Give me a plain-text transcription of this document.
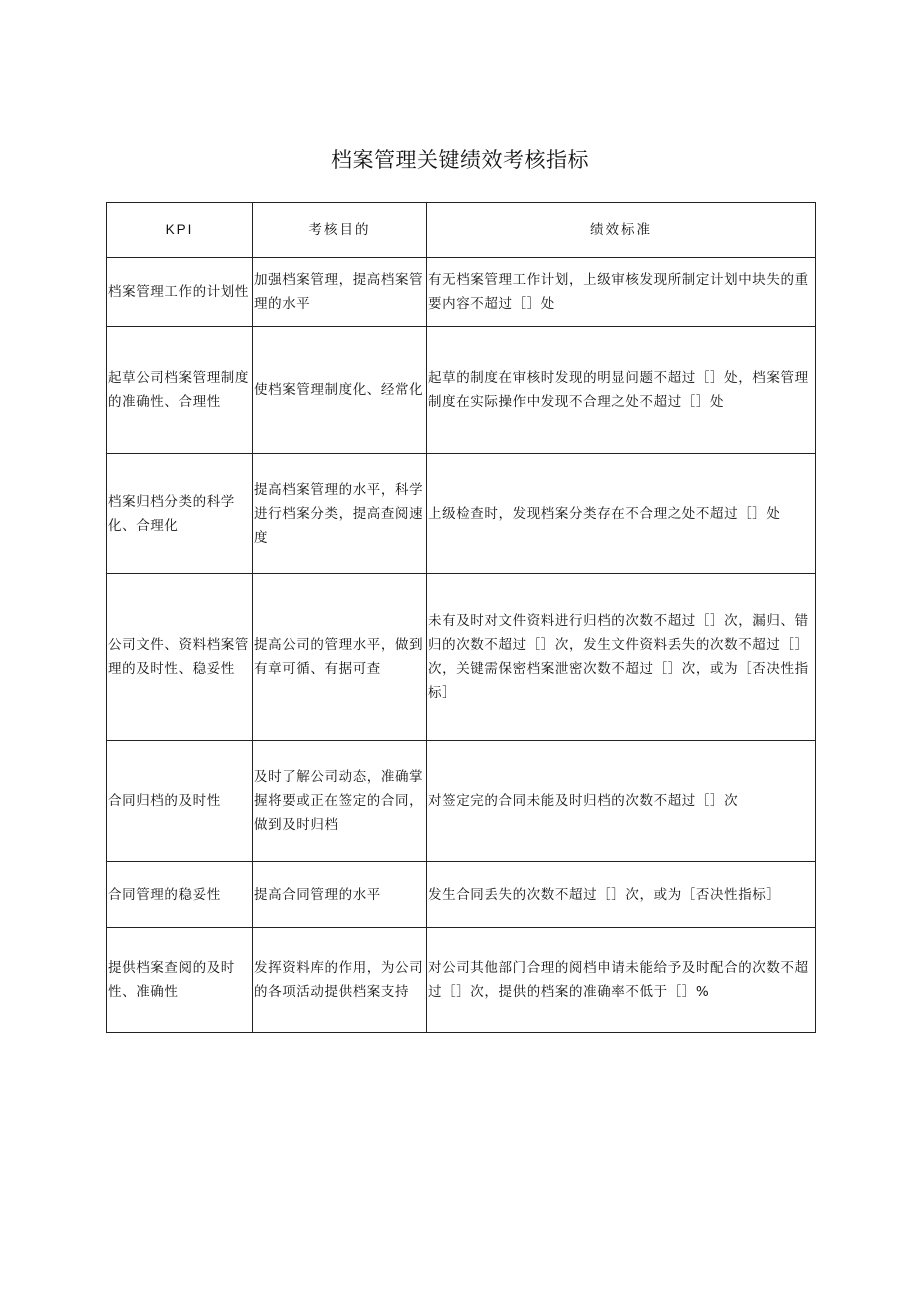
档案管理关键绩效考核指标
KPI	考核目的	绩效标准
档案管理工作的计划性	加强档案管理，提高档案管理的水平	有无档案管理工作计划，上级审核发现所制定计划中块失的重要内容不超过［］处
起草公司档案管理制度的准确性、合理性	使档案管理制度化、经常化	起草的制度在审核时发现的明显问题不超过［］处，档案管理制度在实际操作中发现不合理之处不超过［］处
档案归档分类的科学化、合理化	提高档案管理的水平，科学进行档案分类，提高查阅速度	上级检查时，发现档案分类存在不合理之处不超过［］处
公司文件、资料档案管理的及时性、稳妥性	提高公司的管理水平，做到有章可循、有据可查	未有及时对文件资料进行归档的次数不超过［］次，漏归、错归的次数不超过［］次，发生文件资料丢失的次数不超过［］次，关键需保密档案泄密次数不超过［］次，或为［否决性指标］
合同归档的及时性	及时了解公司动态，准确掌握将要或正在签定的合同，做到及时归档	对签定完的合同未能及时归档的次数不超过［］次
合同管理的稳妥性	提高合同管理的水平	发生合同丢失的次数不超过［］次，或为［否决性指标］
提供档案查阅的及时性、准确性	发挥资料库的作用，为公司的各项活动提供档案支持	对公司其他部门合理的阅档申请未能给予及时配合的次数不超过［］次，提供的档案的准确率不低于［］%
